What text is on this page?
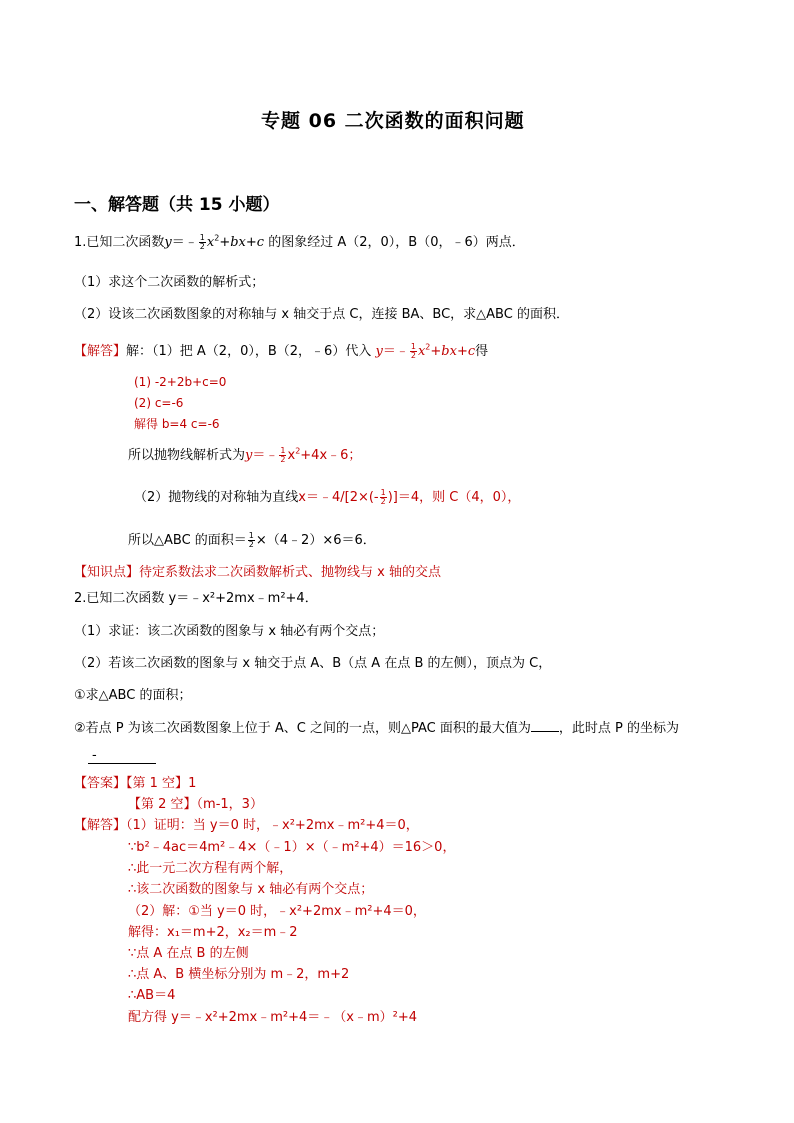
专题 06 二次函数的面积问题
一、解答题（共 15 小题）
1.已知二次函数y＝﹣ $\frac{1}{2} x^2+bx+c$ 的图象经过 A（2，0），B（0，﹣6）两点．
（1）求这个二次函数的解析式；
（2）设该二次函数图象的对称轴与 x 轴交于点 C，连接 BA、BC，求△ABC 的面积．
【解答】解：（1）把 A（2，0），B（2，﹣6）代入 y＝﹣ $\frac{1}{2} x^2+bx+c$得
(1) -2+2b+c=0
(2) c=-6
解得 b=4 c=-6
所以抛物线解析式为y＝﹣ $\frac{1}{2}$ $x^2+4x﹣6$；
（2）抛物线的对称轴为直线x＝﹣4/[2×(- $\frac{1}{2} )]=4$，则 C（4，0），
所以△ABC 的面积＝ $\frac{1}{2}$ ×（4﹣2）×6＝6．
【知识点】待定系数法求二次函数解析式、抛物线与 x 轴的交点
2.已知二次函数 y＝﹣x²+2mx﹣m²+4．
（1）求证：该二次函数的图象与 x 轴必有两个交点；
（2）若该二次函数的图象与 x 轴交于点 A、B（点 A 在点 B 的左侧），顶点为 C，
①求△ABC 的面积；
②若点 P 为该二次函数图象上位于 A、C 之间的一点，则△PAC 面积的最大值为 ，此时点 P 的坐标为
-
【答案】【第 1 空】1
【第 2 空】（m-1，3）
【解答】（1）证明：当 y＝0 时，﹣x²+2mx﹣m²+4＝0，
∵b²﹣4ac＝4m²﹣4×（﹣1）×（﹣m²+4）＝16＞0，
∴此一元二次方程有两个解，
∴该二次函数的图象与 x 轴必有两个交点；
（2）解：①当 y＝0 时，﹣x²+2mx﹣m²+4＝0，
解得：x₁＝m+2，x₂＝m﹣2
∵点 A 在点 B 的左侧
∴点 A、B 横坐标分别为 m﹣2，m+2
∴AB＝4
配方得 y＝﹣x²+2mx﹣m²+4＝﹣（x﹣m）²+4
